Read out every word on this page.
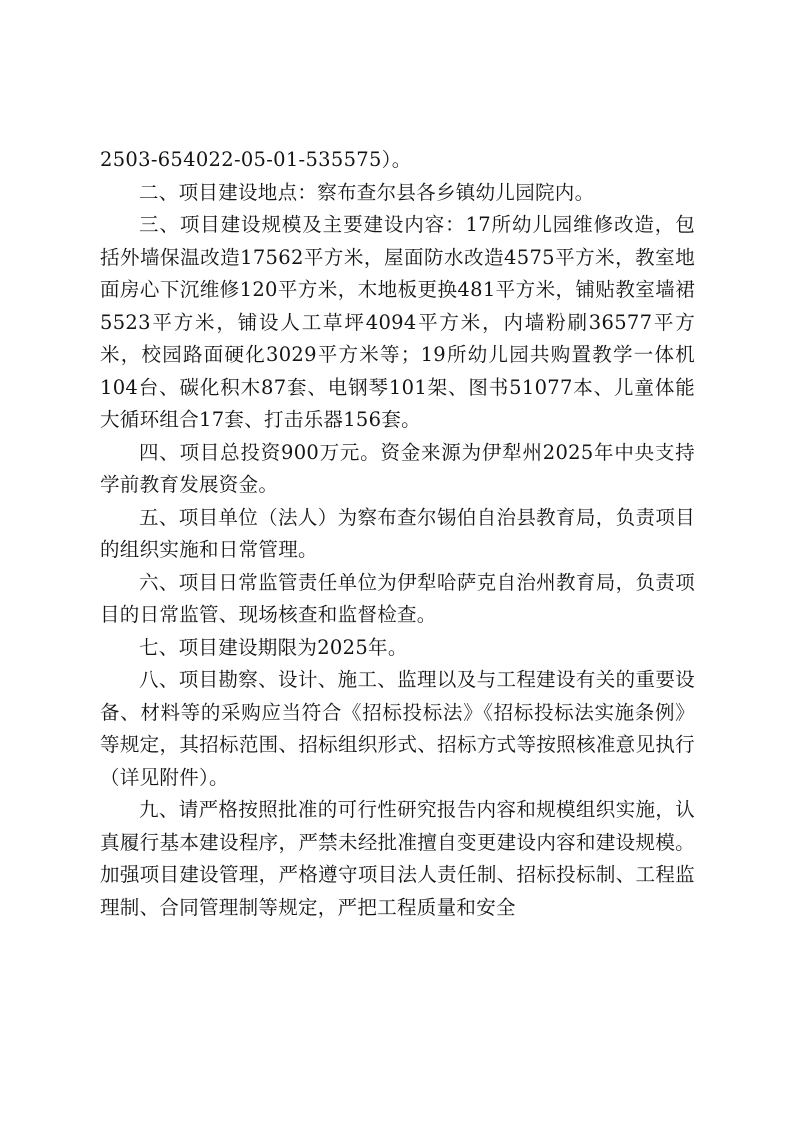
2503-654022-05-01-535575）。

二、项目建设地点：察布查尔县各乡镇幼儿园院内。

三、项目建设规模及主要建设内容：17所幼儿园维修改造，包括外墙保温改造17562平方米，屋面防水改造4575平方米，教室地面房心下沉维修120平方米，木地板更换481平方米，铺贴教室墙裙5523平方米，铺设人工草坪4094平方米，内墙粉刷36577平方米，校园路面硬化3029平方米等；19所幼儿园共购置教学一体机104台、碳化积木87套、电钢琴101架、图书51077本、儿童体能大循环组合17套、打击乐器156套。

四、项目总投资900万元。资金来源为伊犁州2025年中央支持学前教育发展资金。

五、项目单位（法人）为察布查尔锡伯自治县教育局，负责项目的组织实施和日常管理。

六、项目日常监管责任单位为伊犁哈萨克自治州教育局，负责项目的日常监管、现场核查和监督检查。

七、项目建设期限为2025年。

八、项目勘察、设计、施工、监理以及与工程建设有关的重要设备、材料等的采购应当符合《招标投标法》《招标投标法实施条例》等规定，其招标范围、招标组织形式、招标方式等按照核准意见执行（详见附件）。

九、请严格按照批准的可行性研究报告内容和规模组织实施，认真履行基本建设程序，严禁未经批准擅自变更建设内容和建设规模。加强项目建设管理，严格遵守项目法人责任制、招标投标制、工程监理制、合同管理制等规定，严把工程质量和安全
